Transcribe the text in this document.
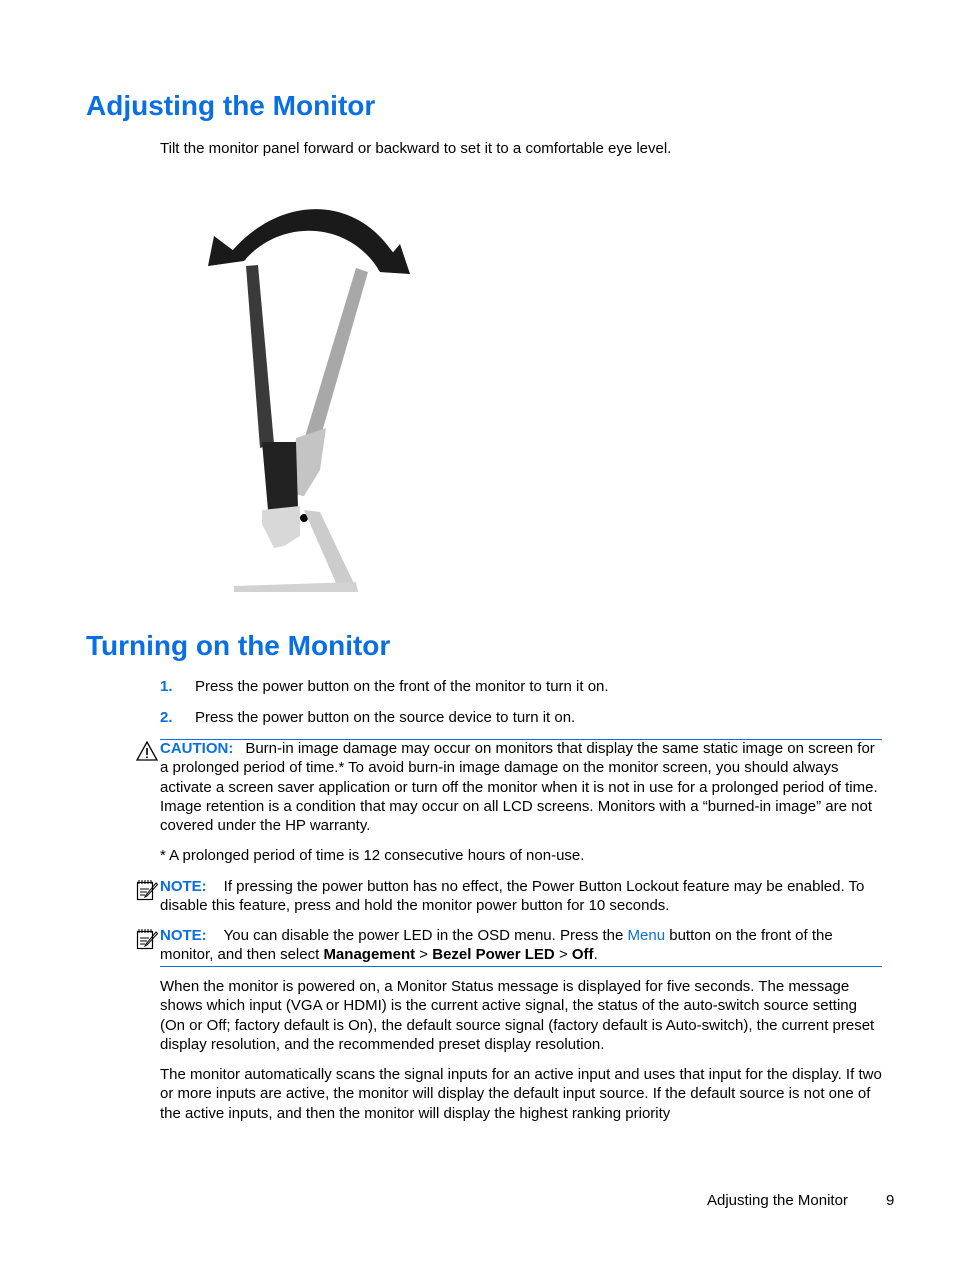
Adjusting the Monitor

Tilt the monitor panel forward or backward to set it to a comfortable eye level.

Turning on the Monitor
1. Press the power button on the front of the monitor to turn it on.
2. Press the power button on the source device to turn it on.

CAUTION: Burn-in image damage may occur on monitors that display the same static image on screen for a prolonged period of time.* To avoid burn-in image damage on the monitor screen, you should always activate a screen saver application or turn off the monitor when it is not in use for a prolonged period of time. Image retention is a condition that may occur on all LCD screens. Monitors with a “burned-in image” are not covered under the HP warranty.

* A prolonged period of time is 12 consecutive hours of non-use.

NOTE: If pressing the power button has no effect, the Power Button Lockout feature may be enabled. To disable this feature, press and hold the monitor power button for 10 seconds.

NOTE: You can disable the power LED in the OSD menu. Press the Menu button on the front of the monitor, and then select Management > Bezel Power LED > Off.

When the monitor is powered on, a Monitor Status message is displayed for five seconds. The message shows which input (VGA or HDMI) is the current active signal, the status of the auto-switch source setting (On or Off; factory default is On), the default source signal (factory default is Auto-switch), the current preset display resolution, and the recommended preset display resolution.

The monitor automatically scans the signal inputs for an active input and uses that input for the display. If two or more inputs are active, the monitor will display the default input source. If the default source is not one of the active inputs, and then the monitor will display the highest ranking priority

Adjusting the Monitor	9
